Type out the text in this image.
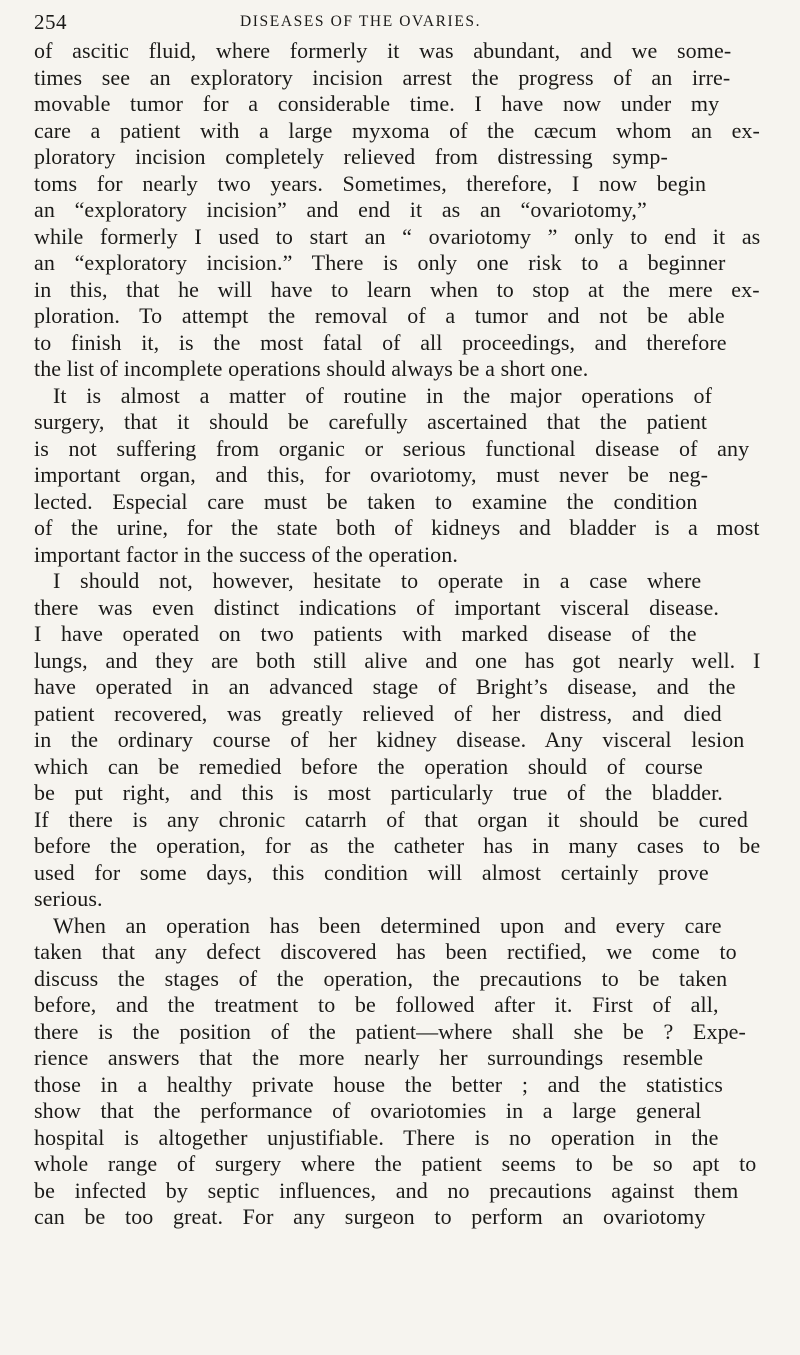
254	DISEASES OF THE OVARIES.
of ascitic fluid, where formerly it was abundant, and we some-
times see an exploratory incision arrest the progress of an irre-
movable tumor for a considerable time. I have now under my
care a patient with a large myxoma of the cæcum whom an ex-
ploratory incision completely relieved from distressing symp-
toms for nearly two years. Sometimes, therefore, I now begin
an “exploratory incision” and end it as an “ovariotomy,”
while formerly I used to start an “ ovariotomy ” only to end it as
an “exploratory incision.” There is only one risk to a beginner
in this, that he will have to learn when to stop at the mere ex-
ploration. To attempt the removal of a tumor and not be able
to finish it, is the most fatal of all proceedings, and therefore
the list of incomplete operations should always be a short one.
It is almost a matter of routine in the major operations of
surgery, that it should be carefully ascertained that the patient
is not suffering from organic or serious functional disease of any
important organ, and this, for ovariotomy, must never be neg-
lected. Especial care must be taken to examine the condition
of the urine, for the state both of kidneys and bladder is a most
important factor in the success of the operation.
I should not, however, hesitate to operate in a case where
there was even distinct indications of important visceral disease.
I have operated on two patients with marked disease of the
lungs, and they are both still alive and one has got nearly well. I
have operated in an advanced stage of Bright’s disease, and the
patient recovered, was greatly relieved of her distress, and died
in the ordinary course of her kidney disease. Any visceral lesion
which can be remedied before the operation should of course
be put right, and this is most particularly true of the bladder.
If there is any chronic catarrh of that organ it should be cured
before the operation, for as the catheter has in many cases to be
used for some days, this condition will almost certainly prove
serious.
When an operation has been determined upon and every care
taken that any defect discovered has been rectified, we come to
discuss the stages of the operation, the precautions to be taken
before, and the treatment to be followed after it. First of all,
there is the position of the patient—where shall she be ? Expe-
rience answers that the more nearly her surroundings resemble
those in a healthy private house the better ; and the statistics
show that the performance of ovariotomies in a large general
hospital is altogether unjustifiable. There is no operation in the
whole range of surgery where the patient seems to be so apt to
be infected by septic influences, and no precautions against them
can be too great. For any surgeon to perform an ovariotomy
